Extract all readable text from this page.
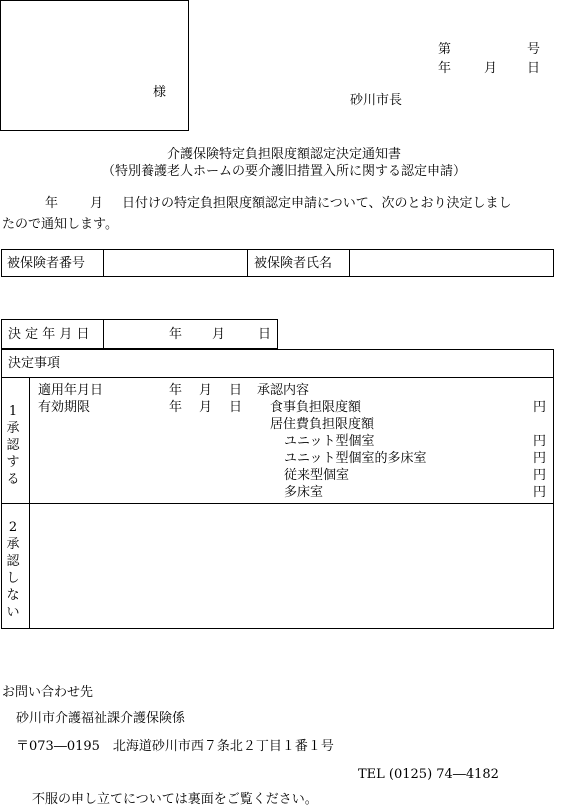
様
第	号
年	月 日
砂川市長
介護保険特定負担限度額認定決定通知書
（特別養護老人ホームの要介護旧措置入所に関する認定申請）
年 月 日付けの特定負担限度額認定申請について、次のとおり決定しまし
たので通知します。
被保険者番号	被保険者氏名
決 定 年 月 日	年 月	日
決定事項
1
承
認
す
る
適用年月日	年 月 日 承認内容
有効期限	年 月 日 食事負担限度額	円
居住費負担限度額
ユニット型個室	円
ユニット型個室的多床室	円
従来型個室	円
多床室	円
2
承
認
し
な
い
お問い合わせ先
砂川市介護福祉課介護保険係
〒073―0195　北海道砂川市西７条北２丁目１番１号
TEL (0125) 74―4182
不服の申し立てについては裏面をご覧ください。
